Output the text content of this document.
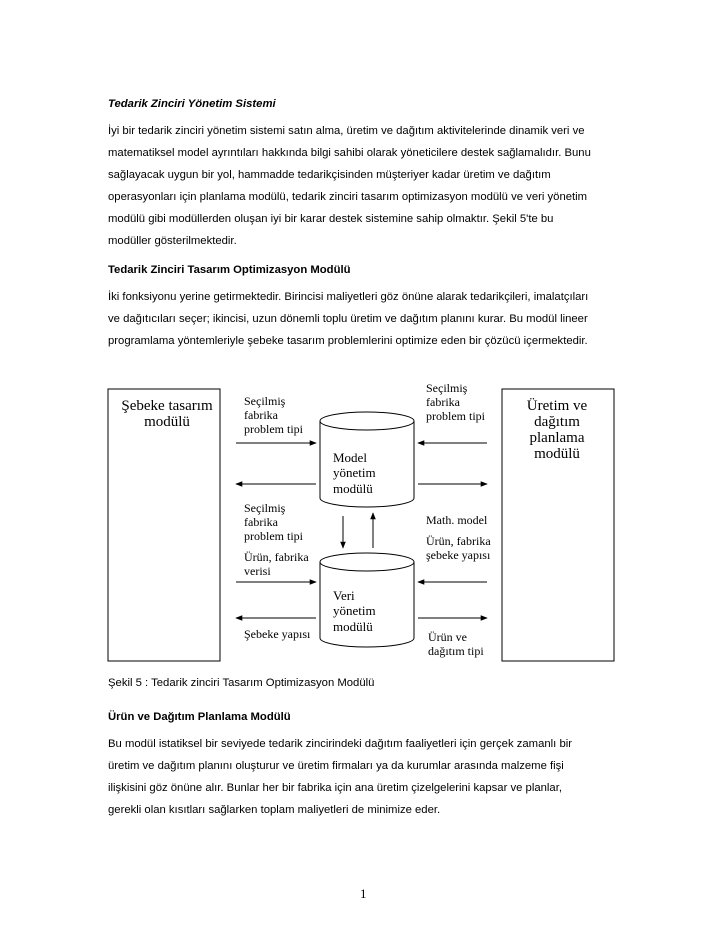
Tedarik Zinciri Yönetim Sistemi
İyi bir tedarik zinciri yönetim sistemi satın alma, üretim ve dağıtım aktivitelerinde dinamik veri ve
matematiksel model ayrıntıları hakkında bilgi sahibi olarak yöneticilere destek sağlamalıdır. Bunu
sağlayacak uygun bir yol, hammadde tedarikçisinden müşteriyer kadar üretim ve dağıtım
operasyonları için planlama modülü, tedarik zinciri tasarım optimizasyon modülü ve veri yönetim
modülü gibi modüllerden oluşan iyi bir karar destek sistemine sahip olmaktır. Şekil 5'te bu
modüller gösterilmektedir.
Tedarik Zinciri Tasarım Optimizasyon Modülü
İki fonksiyonu yerine getirmektedir. Birincisi maliyetleri göz önüne alarak tedarikçileri, imalatçıları
ve dağıtıcıları seçer; ikincisi, uzun dönemli toplu üretim ve dağıtım planını kurar. Bu modül lineer
programlama yöntemleriyle şebeke tasarım problemlerini optimize eden bir çözücü içermektedir.
Şebeke tasarım
modülü
Üretim ve
dağıtım
planlama
modülü
Model
yönetim
modülü
Veri
yönetim
modülü
Seçilmiş
fabrika
problem tipi
Seçilmiş
fabrika
problem tipi
Seçilmiş
fabrika
problem tipi
Ürün, fabrika
verisi
Math. model
Ürün, fabrika
şebeke yapısı
Şebeke yapısı	Ürün ve
dağıtım tipi
Şekil 5 : Tedarik zinciri Tasarım Optimizasyon Modülü
Ürün ve Dağıtım Planlama Modülü
Bu modül istatiksel bir seviyede tedarik zincirindeki dağıtım faaliyetleri için gerçek zamanlı bir
üretim ve dağıtım planını oluşturur ve üretim firmaları ya da kurumlar arasında malzeme fişi
ilişkisini göz önüne alır. Bunlar her bir fabrika için ana üretim çizelgelerini kapsar ve planlar,
gerekli olan kısıtları sağlarken toplam maliyetleri de minimize eder.
1
